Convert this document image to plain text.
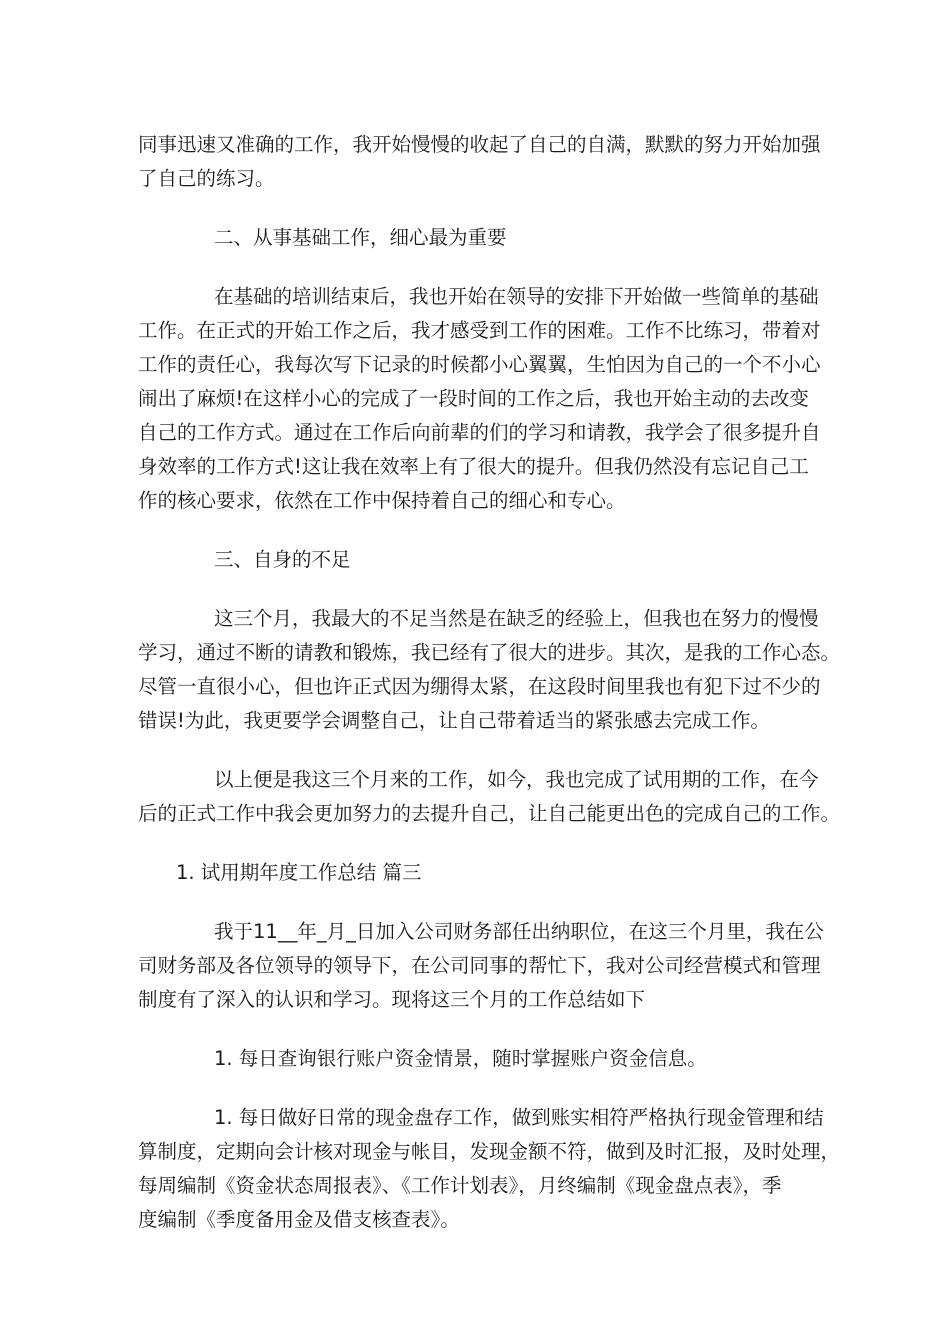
同事迅速又准确的工作，我开始慢慢的收起了自己的自满，默默的努力开始加强
了自己的练习。
二、从事基础工作，细心最为重要
在基础的培训结束后，我也开始在领导的安排下开始做一些简单的基础
工作。在正式的开始工作之后，我才感受到工作的困难。工作不比练习，带着对
工作的责任心，我每次写下记录的时候都小心翼翼，生怕因为自己的一个不小心
闹出了麻烦!在这样小心的完成了一段时间的工作之后，我也开始主动的去改变
自己的工作方式。通过在工作后向前辈的们的学习和请教，我学会了很多提升自
身效率的工作方式!这让我在效率上有了很大的提升。但我仍然没有忘记自己工
作的核心要求，依然在工作中保持着自己的细心和专心。
三、自身的不足
这三个月，我最大的不足当然是在缺乏的经验上，但我也在努力的慢慢
学习，通过不断的请教和锻炼，我已经有了很大的进步。其次，是我的工作心态。
尽管一直很小心，但也许正式因为绷得太紧，在这段时间里我也有犯下过不少的
错误!为此，我更要学会调整自己，让自己带着适当的紧张感去完成工作。
以上便是我这三个月来的工作，如今，我也完成了试用期的工作，在今
后的正式工作中我会更加努力的去提升自己，让自己能更出色的完成自己的工作。
1. 试用期年度工作总结 篇三
我于11__年_月_日加入公司财务部任出纳职位，在这三个月里，我在公
司财务部及各位领导的领导下，在公司同事的帮忙下，我对公司经营模式和管理
制度有了深入的认识和学习。现将这三个月的工作总结如下
1. 每日查询银行账户资金情景，随时掌握账户资金信息。
1. 每日做好日常的现金盘存工作，做到账实相符严格执行现金管理和结
算制度，定期向会计核对现金与帐目，发现金额不符，做到及时汇报，及时处理，
每周编制《资金状态周报表》、《工作计划表》，月终编制《现金盘点表》，季
度编制《季度备用金及借支核查表》。
